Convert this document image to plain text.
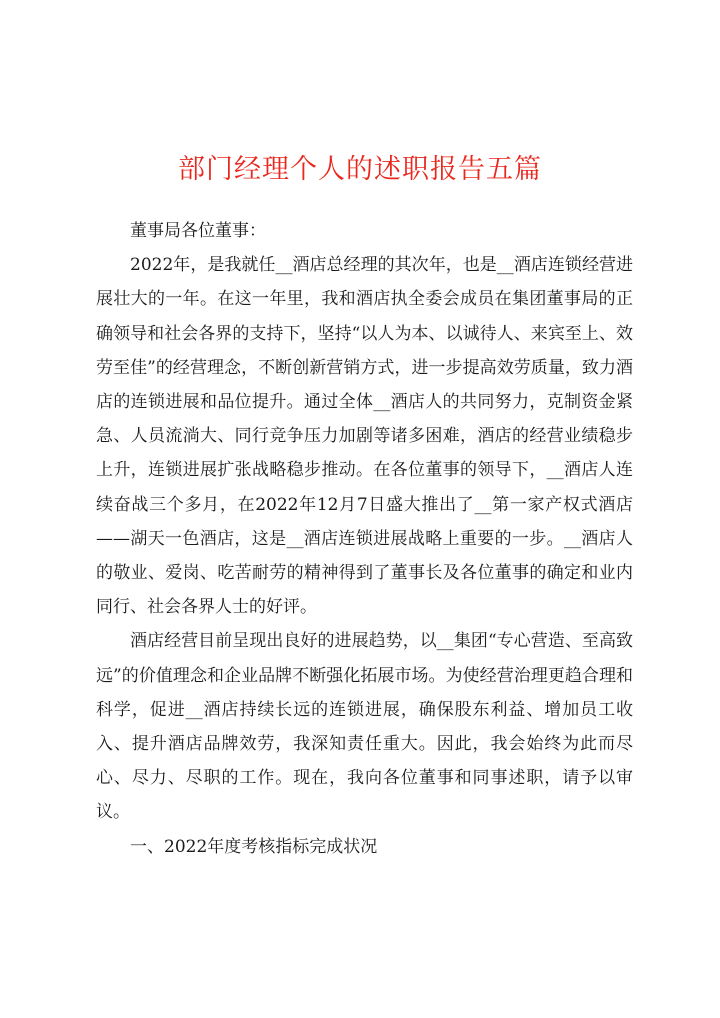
部门经理个人的述职报告五篇

董事局各位董事：

2022年，是我就任__酒店总经理的其次年，也是__酒店连锁经营进展壮大的一年。在这一年里，我和酒店执全委会成员在集团董事局的正确领导和社会各界的支持下，坚持“以人为本、以诚待人、来宾至上、效劳至佳”的经营理念，不断创新营销方式，进一步提高效劳质量，致力酒店的连锁进展和品位提升。通过全体__酒店人的共同努力，克制资金紧急、人员流淌大、同行竞争压力加剧等诸多困难，酒店的经营业绩稳步上升，连锁进展扩张战略稳步推动。在各位董事的领导下，__酒店人连续奋战三个多月，在2022年12月7日盛大推出了__第一家产权式酒店——湖天一色酒店，这是__酒店连锁进展战略上重要的一步。__酒店人的敬业、爱岗、吃苦耐劳的精神得到了董事长及各位董事的确定和业内同行、社会各界人士的好评。

酒店经营目前呈现出良好的进展趋势，以__集团“专心营造、至高致远”的价值理念和企业品牌不断强化拓展市场。为使经营治理更趋合理和科学，促进__酒店持续长远的连锁进展，确保股东利益、增加员工收入、提升酒店品牌效劳，我深知责任重大。因此，我会始终为此而尽心、尽力、尽职的工作。现在，我向各位董事和同事述职，请予以审议。

一、2022年度考核指标完成状况
